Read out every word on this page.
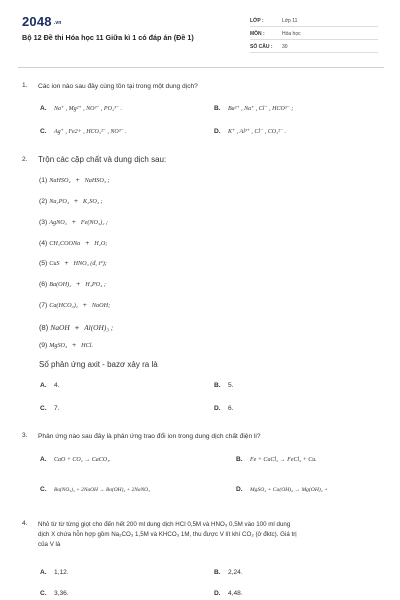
2048 .vn
Bộ 12 Đề thi Hóa học 11 Giữa kì 1 có đáp án (Đề 1)
LỚP :	Lớp 11
MÔN :	Hóa học
SỐ CÂU :	30
1. Các ion nào sau đây cùng tồn tại trong một dung dịch?
A. Na⁺ , Mg²⁺ , NO³⁻ , PO₄³⁻ .	B. Ba²⁺ , Na⁺ , Cl⁻ , HCO³⁻ ;
C. Ag⁺ , Fe2+ , HCO₃²⁻ , NO³⁻ .	D. K⁺ , Al³⁺ , Cl⁻ , CO₃²⁻ .
2. Trộn các cặp chất và dung dịch sau:
(1) NaHSO₄ + NaHSO₃ ;
(2) Na₃PO₄ + K₂SO₄ ;
(3) AgNO₃ + Fe(NO₃)₂ ;
(4) CH₃COONa + H₂O;
(5) CuS + HNO₃ (đ, t°);
(6) Ba(OH)₂ + H₃PO₄ ;
(7) Ca(HCO₃)₂ + NaOH;
(8) NaOH + Al(OH)₃ ;
(9) MgSO₄ + HCl.
Số phản ứng axit - bazơ xảy ra là
A. 4.	B. 5.
C. 7.	D. 6.
3. Phản ứng nào sau đây là phản ứng trao đổi ion trong dung dịch chất điện li?
A. CaO + CO₂ → CaCO₃.	B. Fe + CuCl₂ → FeCl₂ + Cu.
C. Ba(NO₃)₂ + 2NaOH → Ba(OH)₂ + 2NaNO₃	D. MgSO₄ + Ca(OH)₂ → Mg(OH)₂ +
4. Nhỏ từ từ từng giọt cho đến hết 200 ml dung dịch HCl 0,5M và HNO₃ 0,5M vào 100 ml dung
dịch X chứa hỗn hợp gồm Na₂CO₃ 1,5M và KHCO₃ 1M, thu được V lít khí CO₂ (ở đktc). Giá trị
của V là
A. 1,12.	B. 2,24.
C. 3,36.	D. 4,48.
